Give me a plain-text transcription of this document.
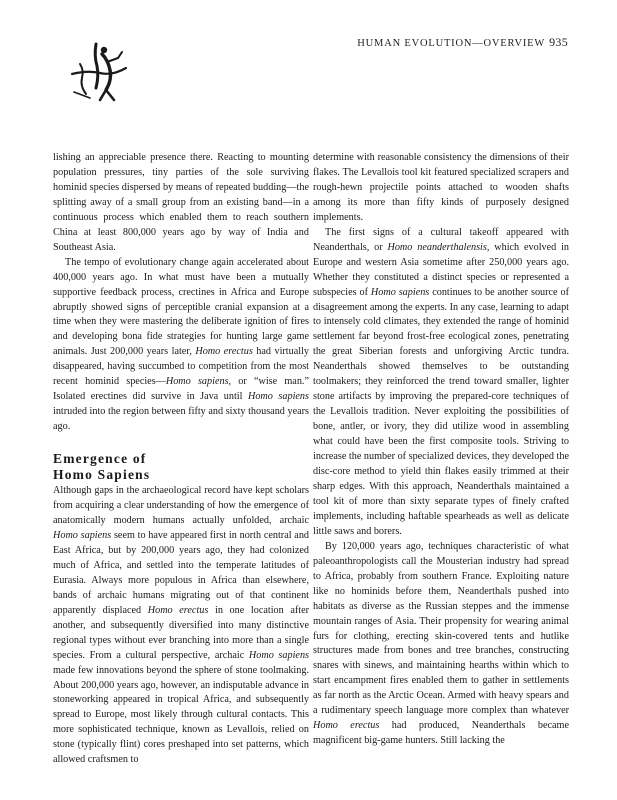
HUMAN EVOLUTION—OVERVIEW 935

lishing an appreciable presence there. Reacting to mounting population pressures, tiny parties of the sole surviving hominid species dispersed by means of repeated budding—the splitting away of a small group from an existing band—in a continuous process which enabled them to reach southern China at least 800,000 years ago by way of India and Southeast Asia.

The tempo of evolutionary change again accelerated about 400,000 years ago. In what must have been a mutually supportive feedback process, crectines in Africa and Europe abruptly showed signs of perceptible cranial expansion at a time when they were mastering the deliberate ignition of fires and developing bona fide strategies for hunting large game animals. Just 200,000 years later, Homo erectus had virtually disappeared, having succumbed to competition from the most recent hominid species—Homo sapiens, or “wise man.” Isolated erectines did survive in Java until Homo sapiens intruded into the region between fifty and sixty thousand years ago.

Emergence of
Homo Sapiens

Although gaps in the archaeological record have kept scholars from acquiring a clear understanding of how the emergence of anatomically modern humans actually unfolded, archaic Homo sapiens seem to have appeared first in north central and East Africa, but by 200,000 years ago, they had colonized much of Africa, and settled into the temperate latitudes of Eurasia. Always more populous in Africa than elsewhere, bands of archaic humans migrating out of that continent apparently displaced Homo erectus in one location after another, and subsequently diversified into many distinctive regional types without ever branching into more than a single species. From a cultural perspective, archaic Homo sapiens made few innovations beyond the sphere of stone toolmaking. About 200,000 years ago, however, an indisputable advance in stoneworking appeared in tropical Africa, and subsequently spread to Europe, most likely through cultural contacts. This more sophisticated technique, known as Levallois, relied on stone (typically flint) cores preshaped into set patterns, which allowed craftsmen to

determine with reasonable consistency the dimensions of their flakes. The Levallois tool kit featured specialized scrapers and rough-hewn projectile points attached to wooden shafts among its more than fifty kinds of purposely designed implements.

The first signs of a cultural takeoff appeared with Neanderthals, or Homo neanderthalensis, which evolved in Europe and western Asia sometime after 250,000 years ago. Whether they constituted a distinct species or represented a subspecies of Homo sapiens continues to be another source of disagreement among the experts. In any case, learning to adapt to intensely cold climates, they extended the range of hominid settlement far beyond frost-free ecological zones, penetrating the great Siberian forests and unforgiving Arctic tundra. Neanderthals showed themselves to be outstanding toolmakers; they reinforced the trend toward smaller, lighter stone artifacts by improving the prepared-core techniques of the Levallois tradition. Never exploiting the possibilities of bone, antler, or ivory, they did utilize wood in assembling what could have been the first composite tools. Striving to increase the number of specialized devices, they developed the disc-core method to yield thin flakes easily trimmed at their sharp edges. With this approach, Neanderthals maintained a tool kit of more than sixty separate types of finely crafted implements, including haftable spearheads as well as delicate little saws and borers.

By 120,000 years ago, techniques characteristic of what paleoanthropologists call the Mousterian industry had spread to Africa, probably from southern France. Exploiting nature like no hominids before them, Neanderthals pushed into habitats as diverse as the Russian steppes and the immense mountain ranges of Asia. Their propensity for wearing animal furs for clothing, erecting skin-covered tents and hutlike structures made from bones and tree branches, constructing snares with sinews, and maintaining hearths within which to start encampment fires enabled them to gather in settlements as far north as the Arctic Ocean. Armed with heavy spears and a rudimentary speech language more complex than whatever Homo erectus had produced, Neanderthals became magnificent big-game hunters. Still lacking the
